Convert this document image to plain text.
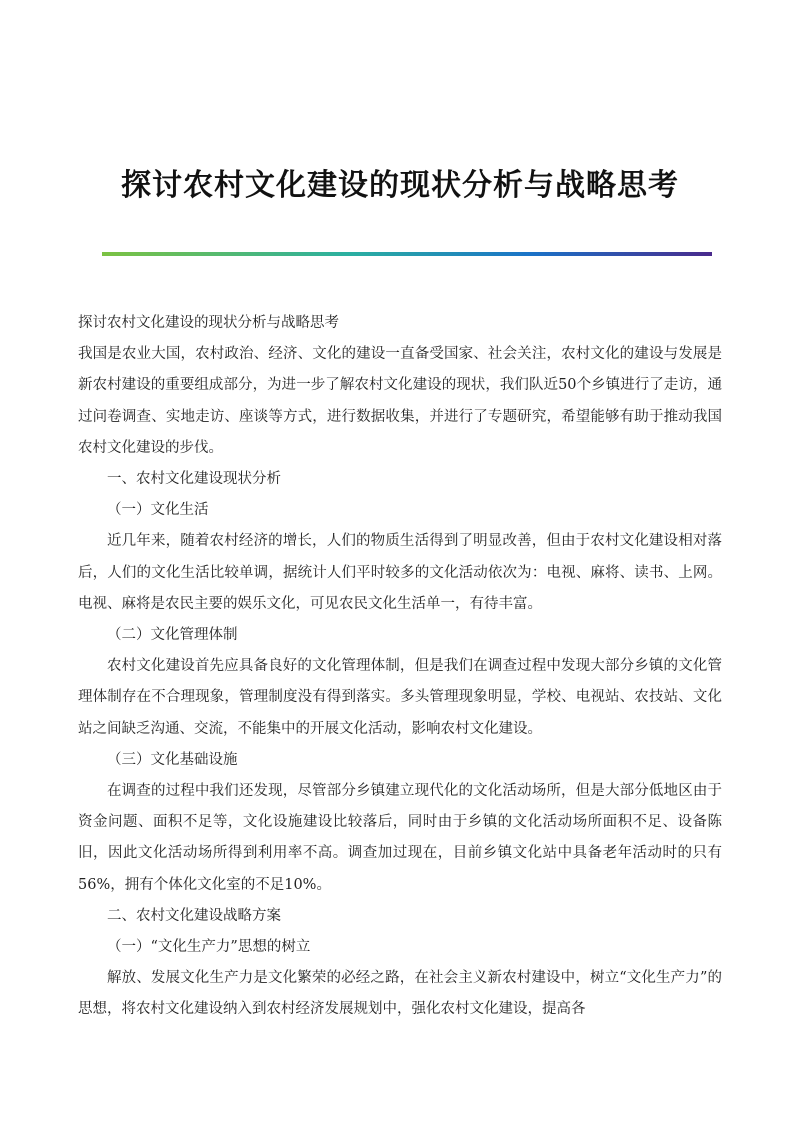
探讨农村文化建设的现状分析与战略思考

探讨农村文化建设的现状分析与战略思考

我国是农业大国，农村政治、经济、文化的建设一直备受国家、社会关注，农村文化的建设与发展是新农村建设的重要组成部分，为进一步了解农村文化建设的现状，我们队近50个乡镇进行了走访，通过问卷调查、实地走访、座谈等方式，进行数据收集，并进行了专题研究，希望能够有助于推动我国农村文化建设的步伐。

一、农村文化建设现状分析

（一）文化生活

近几年来，随着农村经济的增长，人们的物质生活得到了明显改善，但由于农村文化建设相对落后，人们的文化生活比较单调，据统计人们平时较多的文化活动依次为：电视、麻将、读书、上网。电视、麻将是农民主要的娱乐文化，可见农民文化生活单一，有待丰富。

（二）文化管理体制

农村文化建设首先应具备良好的文化管理体制，但是我们在调查过程中发现大部分乡镇的文化管理体制存在不合理现象，管理制度没有得到落实。多头管理现象明显，学校、电视站、农技站、文化站之间缺乏沟通、交流，不能集中的开展文化活动，影响农村文化建设。

（三）文化基础设施

在调查的过程中我们还发现，尽管部分乡镇建立现代化的文化活动场所，但是大部分低地区由于资金问题、面积不足等，文化设施建设比较落后，同时由于乡镇的文化活动场所面积不足、设备陈旧，因此文化活动场所得到利用率不高。调查加过现在，目前乡镇文化站中具备老年活动时的只有56%，拥有个体化文化室的不足10%。

二、农村文化建设战略方案

（一）“文化生产力”思想的树立

解放、发展文化生产力是文化繁荣的必经之路，在社会主义新农村建设中，树立“文化生产力”的思想，将农村文化建设纳入到农村经济发展规划中，强化农村文化建设，提高各
